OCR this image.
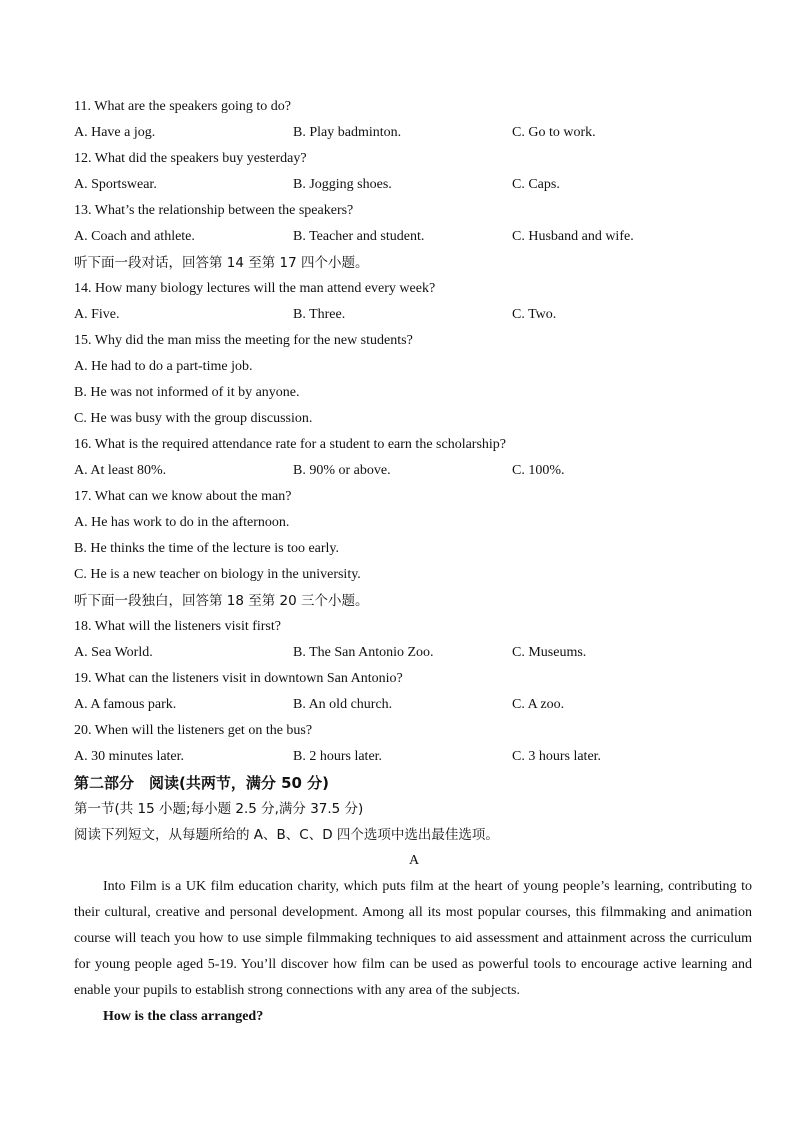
11. What are the speakers going to do?
A. Have a jog.	B. Play badminton.	C. Go to work.
12. What did the speakers buy yesterday?
A. Sportswear.	B. Jogging shoes.	C. Caps.
13. What’s the relationship between the speakers?
A. Coach and athlete.	B. Teacher and student.	C. Husband and wife.
听下面一段对话，回答第 14 至第 17 四个小题。
14. How many biology lectures will the man attend every week?
A. Five.	B. Three.	C. Two.
15. Why did the man miss the meeting for the new students?
A. He had to do a part-time job.
B. He was not informed of it by anyone.
C. He was busy with the group discussion.
16. What is the required attendance rate for a student to earn the scholarship?
A. At least 80%.	B. 90% or above.	C. 100%.
17. What can we know about the man?
A. He has work to do in the afternoon.
B. He thinks the time of the lecture is too early.
C. He is a new teacher on biology in the university.
听下面一段独白，回答第 18 至第 20 三个小题。
18. What will the listeners visit first?
A. Sea World.	B. The San Antonio Zoo.	C. Museums.
19. What can the listeners visit in downtown San Antonio?
A. A famous park.	B. An old church.	C. A zoo.
20. When will the listeners get on the bus?
A. 30 minutes later.	B. 2 hours later.	C. 3 hours later.
第二部分　阅读(共两节，满分 50 分)
第一节(共 15 小题;每小题 2.5 分,满分 37.5 分)
阅读下列短文，从每题所给的 A、B、C、D 四个选项中选出最佳选项。
A
Into Film is a UK film education charity, which puts film at the heart of young people’s learning, contributing to their cultural, creative and personal development. Among all its most popular courses, this filmmaking and animation course will teach you how to use simple filmmaking techniques to aid assessment and attainment across the curriculum for young people aged 5-19. You’ll discover how film can be used as powerful tools to encourage active learning and enable your pupils to establish strong connections with any area of the subjects.
How is the class arranged?
